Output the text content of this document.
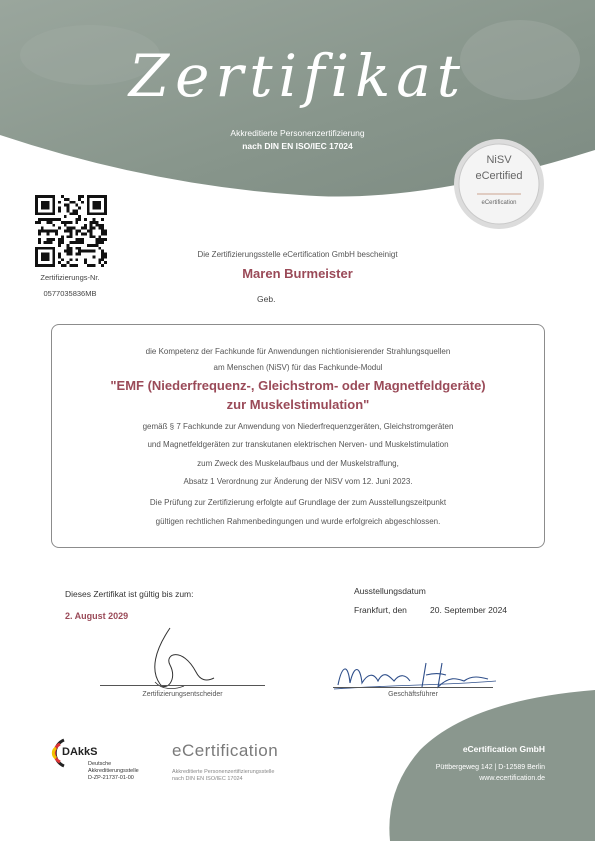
Zertifikat
Akkreditierte Personenzertifizierung
nach DIN EN ISO/IEC 17024
NiSV
eCertified
eCertification
Zertifizierungs-Nr.
0577035836MB
Die Zertifizierungsstelle eCertification GmbH bescheinigt
Maren Burmeister
Geb.
die Kompetenz der Fachkunde für Anwendungen nichtionisierender Strahlungsquellen
am Menschen (NiSV) für das Fachkunde-Modul
"EMF (Niederfrequenz-, Gleichstrom- oder Magnetfeldgeräte)
zur Muskelstimulation"
gemäß § 7 Fachkunde zur Anwendung von Niederfrequenzgeräten, Gleichstromgeräten
und Magnetfeldgeräten zur transkutanen elektrischen Nerven- und Muskelstimulation
zum Zweck des Muskelaufbaus und der Muskelstraffung,
Absatz 1 Verordnung zur Änderung der NiSV vom 12. Juni 2023.
Die Prüfung zur Zertifizierung erfolgte auf Grundlage der zum Ausstellungszeitpunkt
gültigen rechtlichen Rahmenbedingungen und wurde erfolgreich abgeschlossen.
Dieses Zertifikat ist gültig bis zum:
2. August 2029
Ausstellungsdatum
Frankfurt, den	20. September 2024
Zertifizierungsentscheider	Geschäftsführer
DAkkS
Deutsche
Akkreditierungsstelle
D-ZP-21737-01-00
eCertification
Akkreditierte Personenzertifizierungsstelle
nach DIN EN ISO/IEC 17024
eCertification GmbH
Püttbergeweg 142 | D-12589 Berlin
www.ecertification.de
